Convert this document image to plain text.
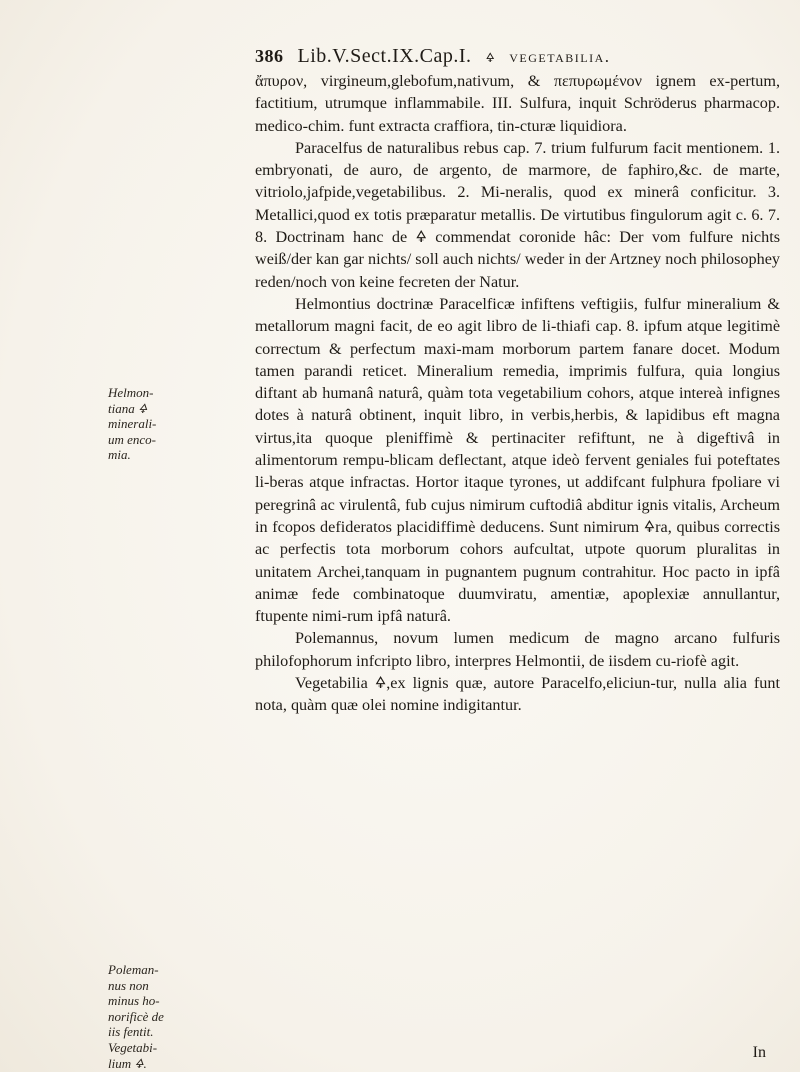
386 Lib.V.Sect.IX.Cap.I. 🜍 vegetabilia.

ἄπυρον, virgineum,glebofum,nativum, & πεπυρωμένον ignem ex-pertum, factitium, utrumque inflammabile. III. Sulfura, inquit Schröderus pharmacop. medico-chim. funt extracta craffiora, tin-cturæ liquidiora.

Paracelfus de naturalibus rebus cap. 7. trium fulfurum facit mentionem. 1. embryonati, de auro, de argento, de marmore, de faphiro,&c. de marte, vitriolo,jafpide,vegetabilibus. 2. Mi-neralis, quod ex minerâ conficitur. 3. Metallici,quod ex totis præparatur metallis. De virtutibus fingulorum agit c. 6. 7. 8. Doctrinam hanc de 🜍 commendat coronide hâc: Der vom fulfure nichts weiß/der kan gar nichts/ soll auch nichts/ weder in der Artzney noch philosophey reden/noch von keine fecreten der Natur.

Helmontius doctrinæ Paracelficæ infiftens veftigiis, fulfur mineralium & metallorum magni facit, de eo agit libro de li-thiafi cap. 8. ipfum atque legitimè correctum & perfectum maxi-mam morborum partem fanare docet. Modum tamen parandi reticet. Mineralium remedia, imprimis fulfura, quia longius diftant ab humanâ naturâ, quàm tota vegetabilium cohors, atque intereà infignes dotes à naturâ obtinent, inquit libro, in verbis,herbis, & lapidibus eft magna virtus,ita quoque pleniffimè & pertinaciter refiftunt, ne à digeftivâ in alimentorum rempu-blicam deflectant, atque ideò fervent geniales fui poteftates li-beras atque infractas. Hortor itaque tyrones, ut addifcant fulphura fpoliare vi peregrinâ ac virulentâ, fub cujus nimirum cuftodiâ abditur ignis vitalis, Archeum in fcopos defideratos placidiffimè deducens. Sunt nimirum 🜍ra, quibus correctis ac perfectis tota morborum cohors aufcultat, utpote quorum pluralitas in unitatem Archei,tanquam in pugnantem pugnum contrahitur. Hoc pacto in ipfâ animæ fede combinatoque duumviratu, amentiæ, apoplexiæ annullantur, ftupente nimi-rum ipfâ naturâ.

Polemannus, novum lumen medicum de magno arcano fulfuris philofophorum infcripto libro, interpres Helmontii, de iisdem cu-riofè agit.

Vegetabilia 🜍,ex lignis quæ, autore Paracelfo,eliciun-tur, nulla alia funt nota, quàm quæ olei nomine indigitantur.

Helmon-
tiana 🜍
minerali-
um enco-
mia.
Poleman-
nus non
minus ho-
norificè de
iis fentit.
Vegetabi-
lium 🜍.
In
